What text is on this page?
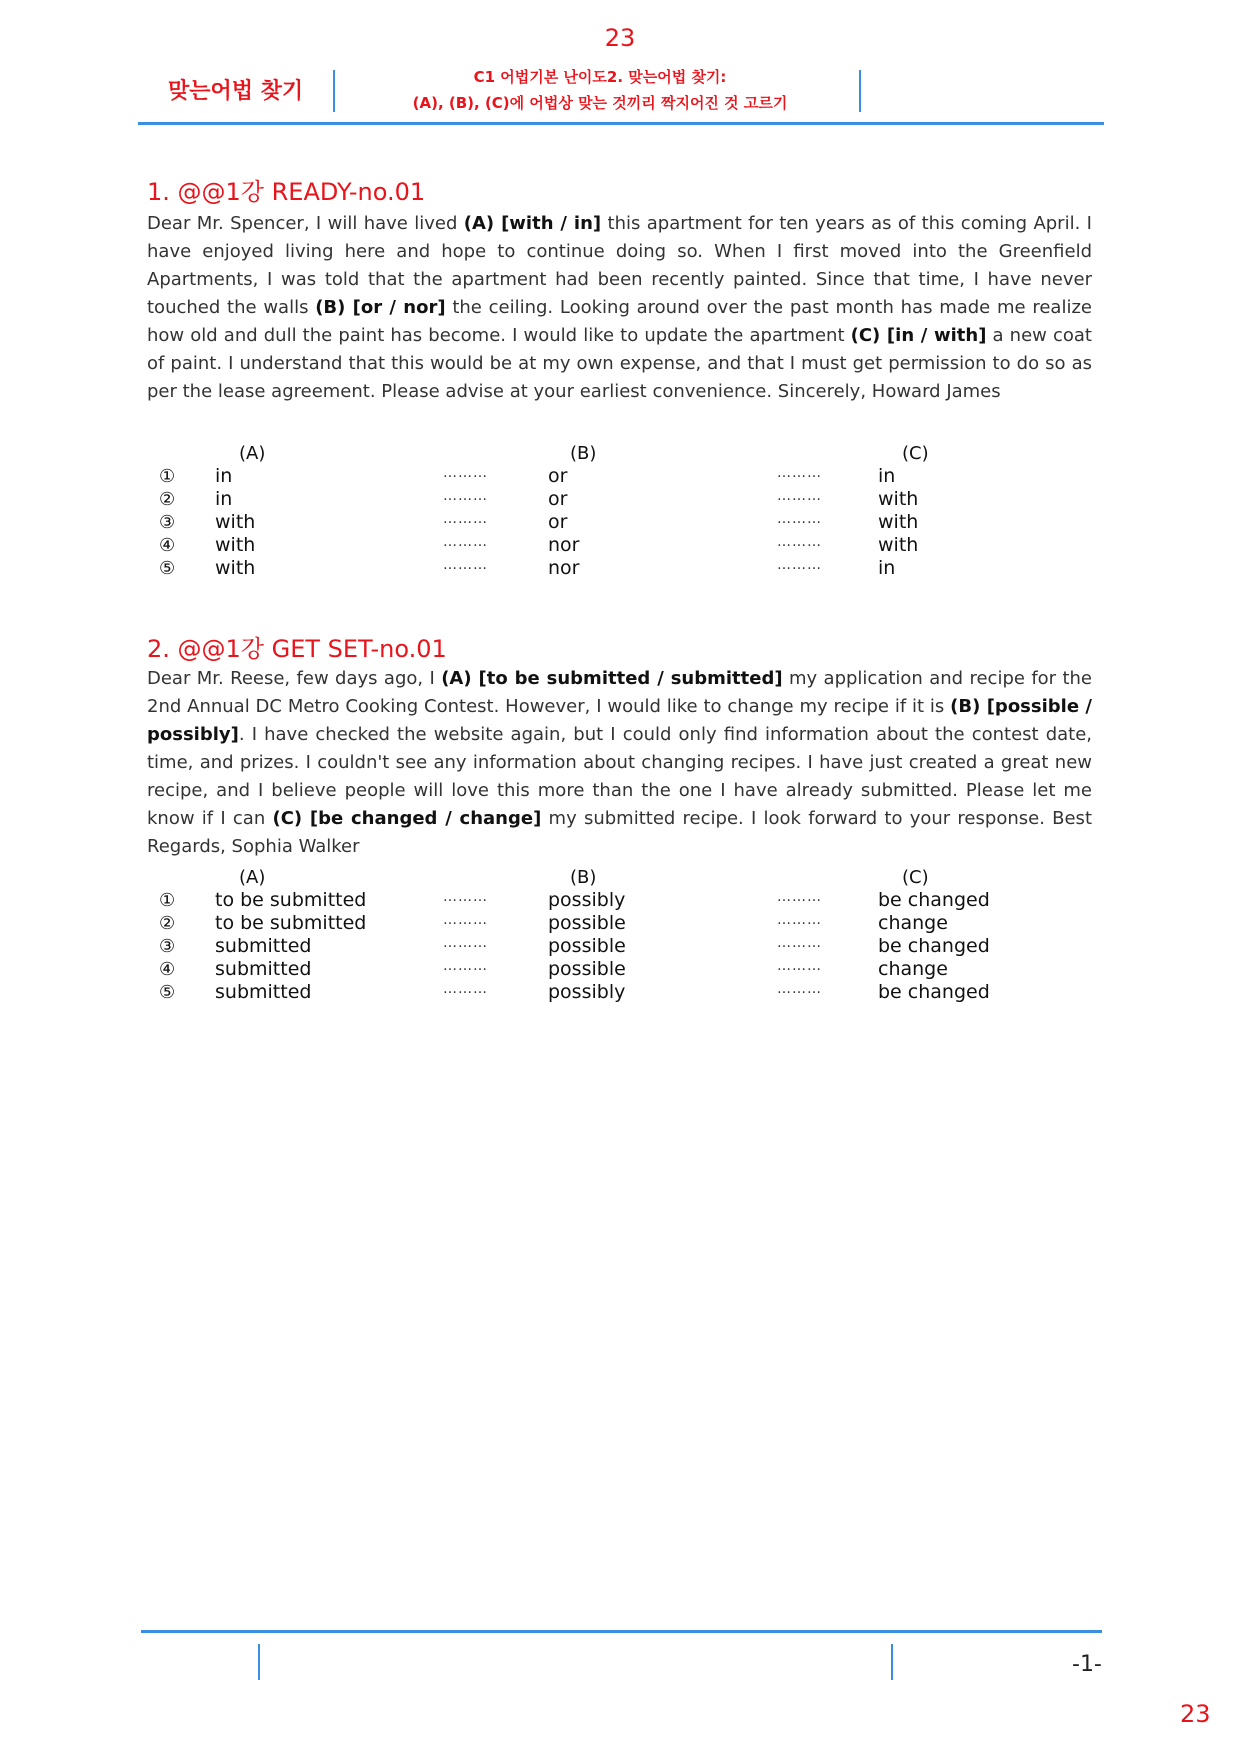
23
맞는어법 찾기
C1 어법기본 난이도2. 맞는어법 찾기:
(A), (B), (C)에 어법상 맞는 것끼리 짝지어진 것 고르기
1. @@1강 READY-no.01
Dear Mr. Spencer, I will have lived (A) [with / in] this apartment for ten years as of this coming April. I have enjoyed living here and hope to continue doing so. When I first moved into the Greenfield Apartments, I was told that the apartment had been recently painted. Since that time, I have never touched the walls (B) [or / nor] the ceiling. Looking around over the past month has made me realize how old and dull the paint has become. I would like to update the apartment (C) [in / with] a new coat of paint. I understand that this would be at my own expense, and that I must get permission to do so as per the lease agreement. Please advise at your earliest convenience. Sincerely, Howard James
(A)	(B)	(C)
① in	………	or	………	in
② in	………	or	………	with
③ with	………	or	………	with
④ with	………	nor	………	with
⑤ with	………	nor	………	in
2. @@1강 GET SET-no.01
Dear Mr. Reese, few days ago, I (A) [to be submitted / submitted] my application and recipe for the 2nd Annual DC Metro Cooking Contest. However, I would like to change my recipe if it is (B) [possible / possibly]. I have checked the website again, but I could only find information about the contest date, time, and prizes. I couldn't see any information about changing recipes. I have just created a great new recipe, and I believe people will love this more than the one I have already submitted. Please let me know if I can (C) [be changed / change] my submitted recipe. I look forward to your response. Best Regards, Sophia Walker
(A)	(B)	(C)
① to be submitted	………	possibly	………	be changed
② to be submitted	………	possible	………	change
③ submitted	………	possible	………	be changed
④ submitted	………	possible	………	change
⑤ submitted	………	possibly	………	be changed
-1-
23
